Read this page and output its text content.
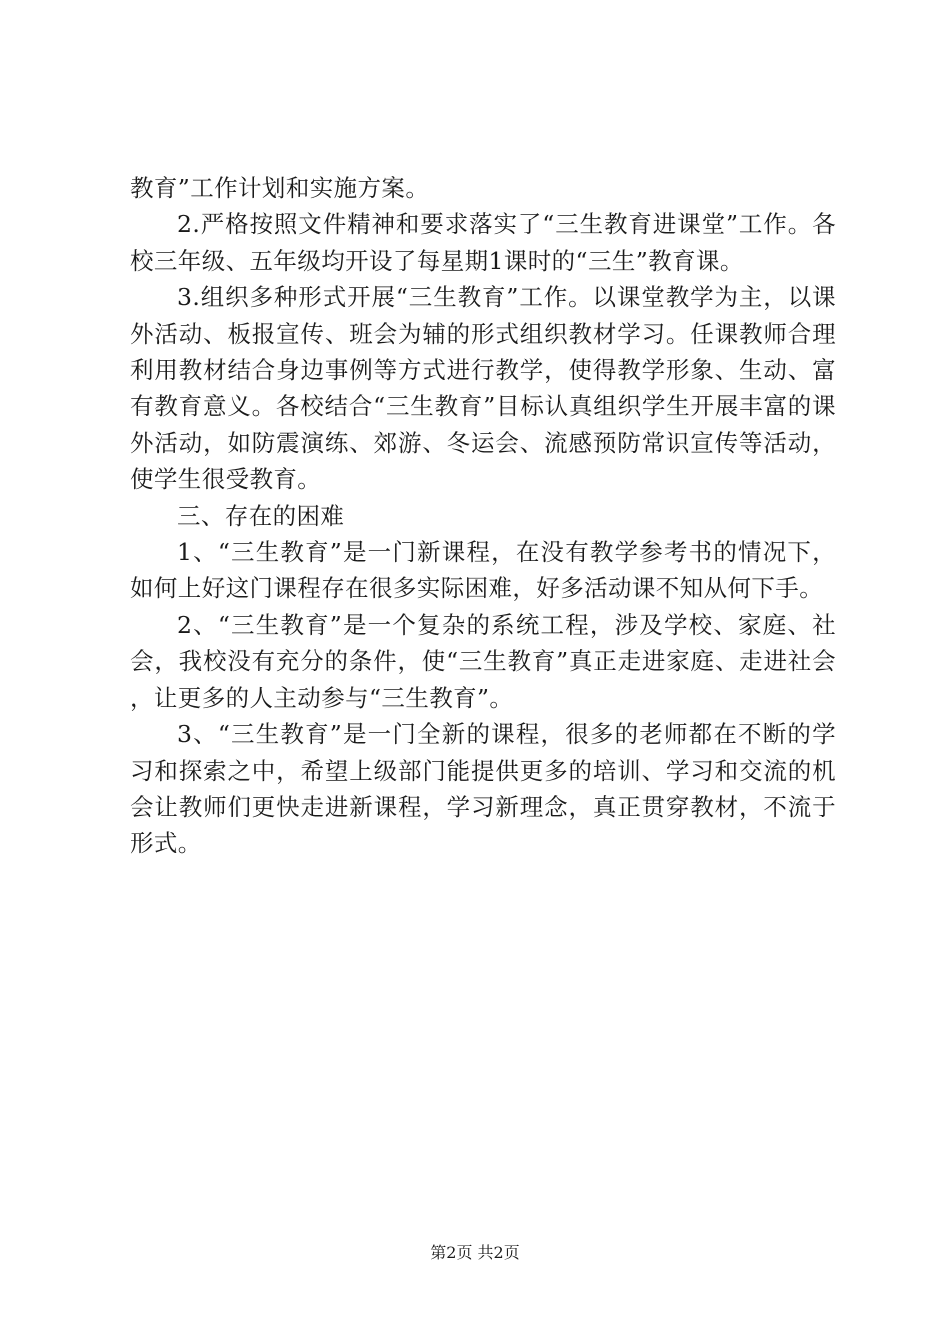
教育”工作计划和实施方案。

2.严格按照文件精神和要求落实了“三生教育进课堂”工作。各校三年级、五年级均开设了每星期1课时的“三生”教育课。

3.组织多种形式开展“三生教育”工作。以课堂教学为主，以课外活动、板报宣传、班会为辅的形式组织教材学习。任课教师合理利用教材结合身边事例等方式进行教学，使得教学形象、生动、富有教育意义。各校结合“三生教育”目标认真组织学生开展丰富的课外活动，如防震演练、郊游、冬运会、流感预防常识宣传等活动，使学生很受教育。

三、存在的困难

1、“三生教育”是一门新课程，在没有教学参考书的情况下，如何上好这门课程存在很多实际困难，好多活动课不知从何下手。

2、“三生教育”是一个复杂的系统工程，涉及学校、家庭、社会，我校没有充分的条件，使“三生教育”真正走进家庭、走进社会，让更多的人主动参与“三生教育”。

3、“三生教育”是一门全新的课程，很多的老师都在不断的学习和探索之中，希望上级部门能提供更多的培训、学习和交流的机会让教师们更快走进新课程，学习新理念，真正贯穿教材，不流于形式。

第2页 共2页
